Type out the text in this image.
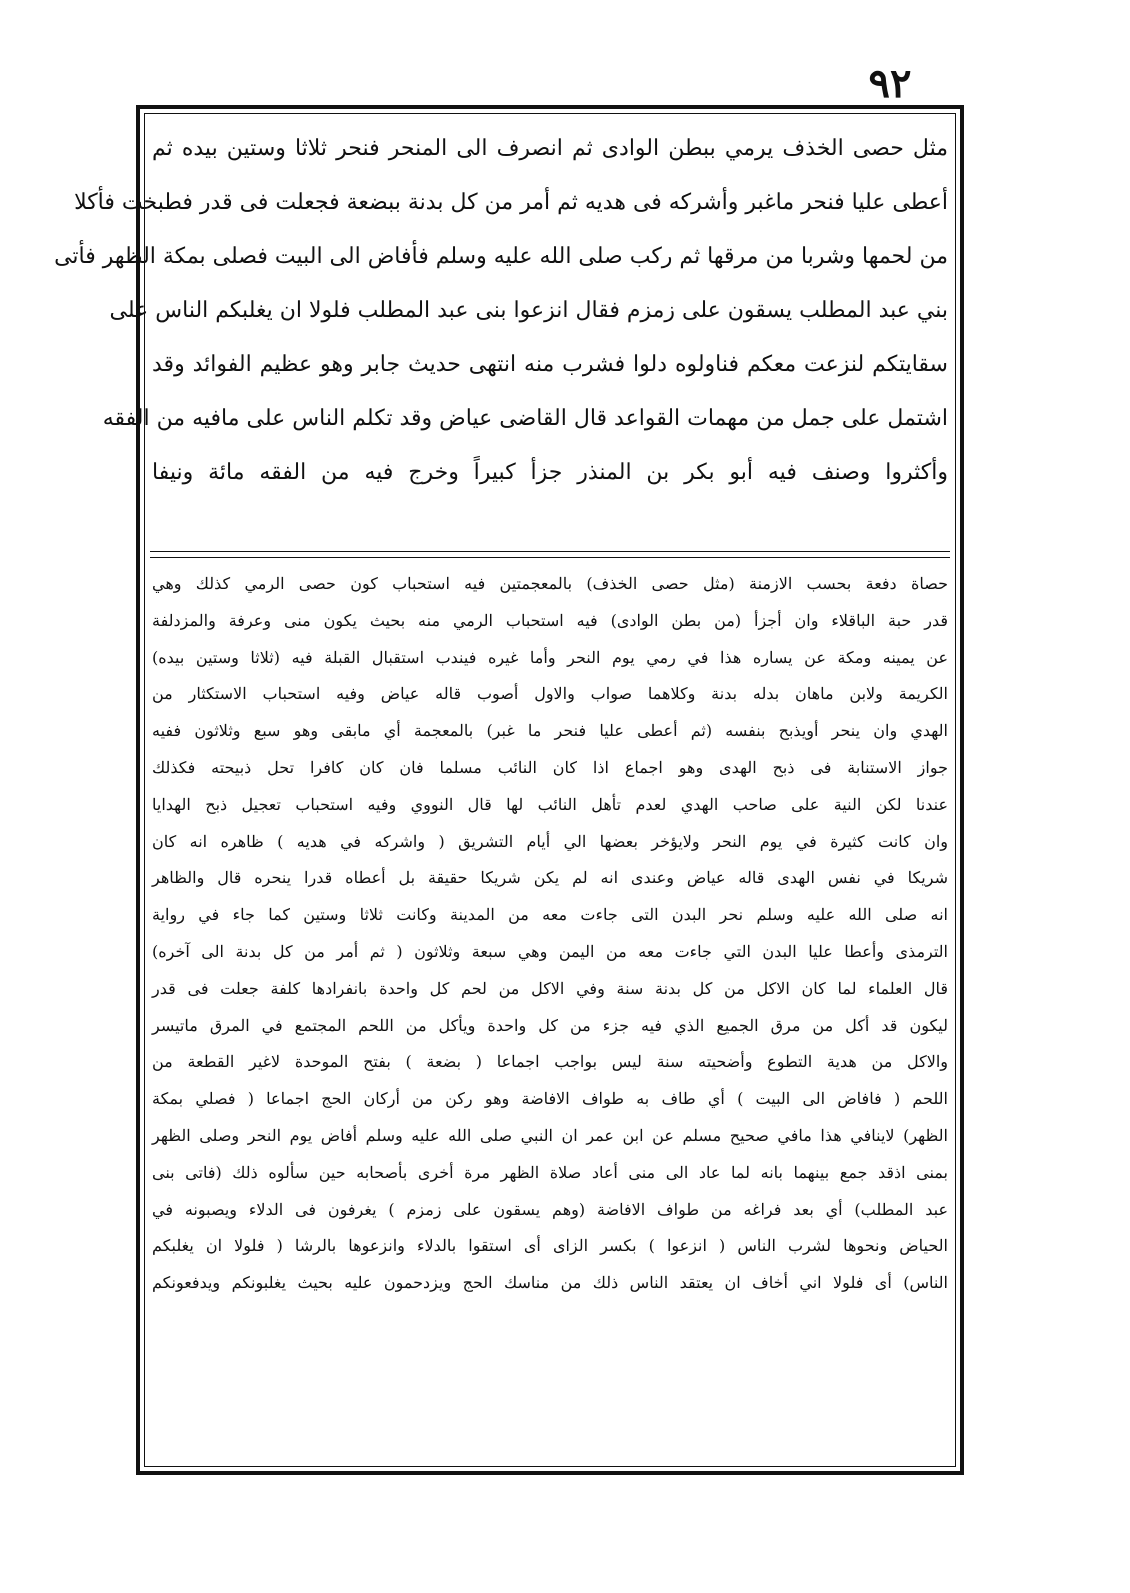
٩٢
مثل حصى الخذف يرمي ببطن الوادى ثم انصرف الى المنحر فنحر ثلاثا وستين بيده ثم
أعطى عليا فنحر ماغبر وأشركه فى هديه ثم أمر من كل بدنة ببضعة فجعلت فى قدر فطبخت فأكلا
من لحمها وشربا من مرقها ثم ركب صلى الله عليه وسلم فأفاض الى البيت فصلى بمكة الظهر فأتى
بني عبد المطلب يسقون على زمزم فقال انزعوا بنى عبد المطلب فلولا ان يغلبكم الناس على
سقايتكم لنزعت معكم فناولوه دلوا فشرب منه انتهى حديث جابر وهو عظيم الفوائد وقد
اشتمل على جمل من مهمات القواعد قال القاضى عياض وقد تكلم الناس على مافيه من الفقه
وأكثروا وصنف فيه أبو بكر بن المنذر جزأ كبيراً وخرج فيه من الفقه مائة ونيفا
حصاة دفعة بحسب الازمنة (مثل حصى الخذف) بالمعجمتين فيه استحباب كون حصى الرمي كذلك وهي
قدر حبة الباقلاء وان أجزأ (من بطن الوادى) فيه استحباب الرمي منه بحيث يكون منى وعرفة والمزدلفة
عن يمينه ومكة عن يساره هذا في رمي يوم النحر وأما غيره فيندب استقبال القبلة فيه (ثلاثا وستين بيده)
الكريمة ولابن ماهان بدله بدنة وكلاهما صواب والاول أصوب قاله عياض وفيه استحباب الاستكثار من
الهدي وان ينحر أويذبح بنفسه (ثم أعطى عليا فنحر ما غبر) بالمعجمة أي مابقى وهو سبع وثلاثون ففيه
جواز الاستنابة فى ذبح الهدى وهو اجماع اذا كان النائب مسلما فان كان كافرا تحل ذبيحته فكذلك
عندنا لكن النية على صاحب الهدي لعدم تأهل النائب لها قال النووي وفيه استحباب تعجيل ذبح الهدايا
وان كانت كثيرة في يوم النحر ولايؤخر بعضها الي أيام التشريق ( واشركه في هديه ) ظاهره انه كان
شريكا في نفس الهدى قاله عياض وعندى انه لم يكن شريكا حقيقة بل أعطاه قدرا ينحره قال والظاهر
انه صلى الله عليه وسلم نحر البدن التى جاءت معه من المدينة وكانت ثلاثا وستين كما جاء في رواية
الترمذى وأعطا عليا البدن التي جاءت معه من اليمن وهي سبعة وثلاثون ( ثم أمر من كل بدنة الى آخره)
قال العلماء لما كان الاكل من كل بدنة سنة وفي الاكل من لحم كل واحدة بانفرادها كلفة جعلت فى قدر
ليكون قد أكل من مرق الجميع الذي فيه جزء من كل واحدة ويأكل من اللحم المجتمع في المرق ماتيسر
والاكل من هدية التطوع وأضحيته سنة ليس بواجب اجماعا ( بضعة ) بفتح الموحدة لاغير القطعة من
اللحم ( فافاض الى البيت ) أي طاف به طواف الافاضة وهو ركن من أركان الحج اجماعا ( فصلي بمكة
الظهر) لاينافي هذا مافي صحيح مسلم عن ابن عمر ان النبي صلى الله عليه وسلم أفاض يوم النحر وصلى الظهر
بمنى اذقد جمع بينهما بانه لما عاد الى منى أعاد صلاة الظهر مرة أخرى بأصحابه حين سألوه ذلك (فاتى بنى
عبد المطلب) أي بعد فراغه من طواف الافاضة (وهم يسقون على زمزم ) يغرفون فى الدلاء ويصبونه في
الحياض ونحوها لشرب الناس ( انزعوا ) بكسر الزاى أى استقوا بالدلاء وانزعوها بالرشا ( فلولا ان يغلبكم
الناس) أى فلولا اني أخاف ان يعتقد الناس ذلك من مناسك الحج ويزدحمون عليه بحيث يغلبونكم ويدفعونكم
